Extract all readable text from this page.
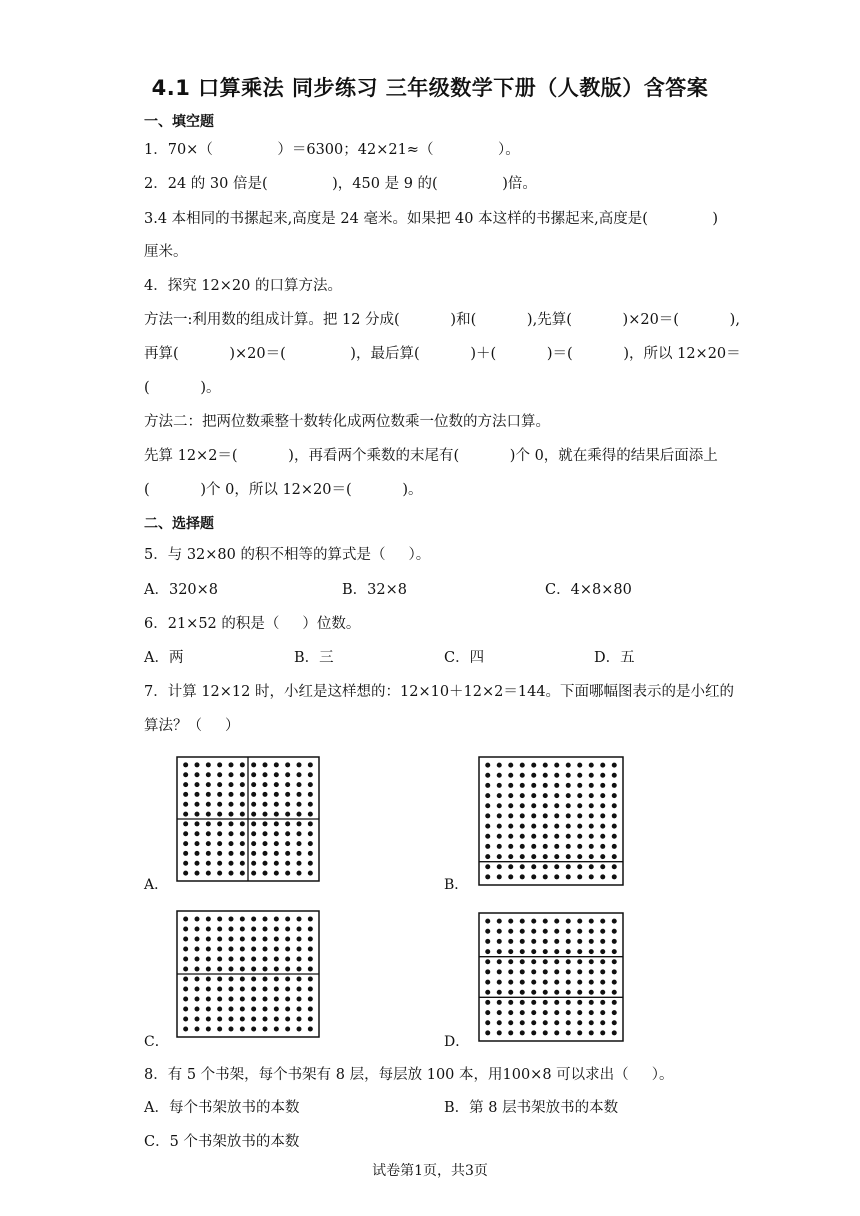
4.1 口算乘法 同步练习 三年级数学下册（人教版）含答案
一、填空题
1．70×（              ）＝6300；42×21≈（              ）。
2．24 的 30 倍是(              )，450 是 9 的(              )倍。
3.4 本相同的书摞起来,高度是 24 毫米。如果把 40 本这样的书摞起来,高度是(              )
厘米。
4．探究 12×20 的口算方法。
方法一:利用数的组成计算。把 12 分成(           )和(           ),先算(           )×20＝(           ),
再算(           )×20＝(              )，最后算(           )＋(           )＝(           )，所以 12×20＝
(           )。
方法二：把两位数乘整十数转化成两位数乘一位数的方法口算。
先算 12×2＝(           )，再看两个乘数的末尾有(           )个 0，就在乘得的结果后面添上
(           )个 0，所以 12×20＝(           )。
二、选择题
5．与 32×80 的积不相等的算式是（     ）。
A．320×8	B．32×8	C．4×8×80
6．21×52 的积是（     ）位数。
A．两	B．三	C．四	D．五
7．计算 12×12 时，小红是这样想的：12×10＋12×2＝144。下面哪幅图表示的是小红的
算法？（     ）
A．	B．
C．	D．
8．有 5 个书架，每个书架有 8 层，每层放 100 本，用100×8 可以求出（     ）。
A．每个书架放书的本数	B．第 8 层书架放书的本数
C．5 个书架放书的本数
试卷第1页，共3页
